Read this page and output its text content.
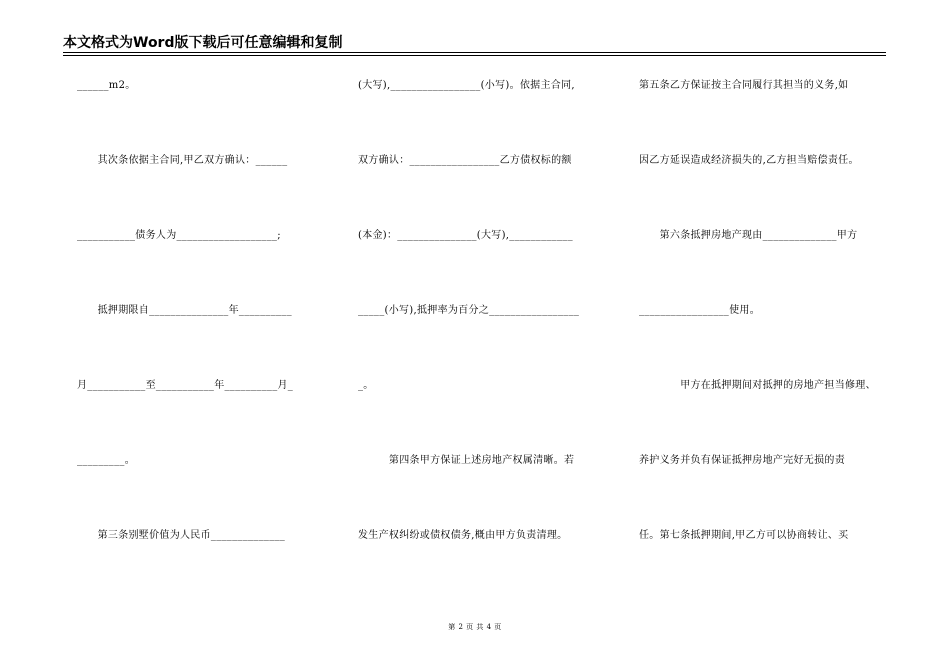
本文格式为Word版下载后可任意编辑和复制
______m2。
　　其次条依据主合同,甲乙双方确认：______
___________债务人为___________________;
　　抵押期限自_______________年__________
月___________至___________年__________月_
_________。
　　第三条别墅价值为人民币______________
(大写),_________________(小写)。依据主合同,
双方确认：_________________乙方债权标的额
(本金)：_______________(大写),____________
_____(小写),抵押率为百分之_________________
_。
　　　第四条甲方保证上述房地产权属清晰。若
发生产权纠纷或债权债务,概由甲方负责清理。
第五条乙方保证按主合同履行其担当的义务,如
因乙方延误造成经济损失的,乙方担当赔偿责任。
　　第六条抵押房地产现由______________甲方
_________________使用。
　　　　甲方在抵押期间对抵押的房地产担当修理、
养护义务并负有保证抵押房地产完好无损的责
任。第七条抵押期间,甲乙方可以协商转让、买
第 2 页 共 4 页
